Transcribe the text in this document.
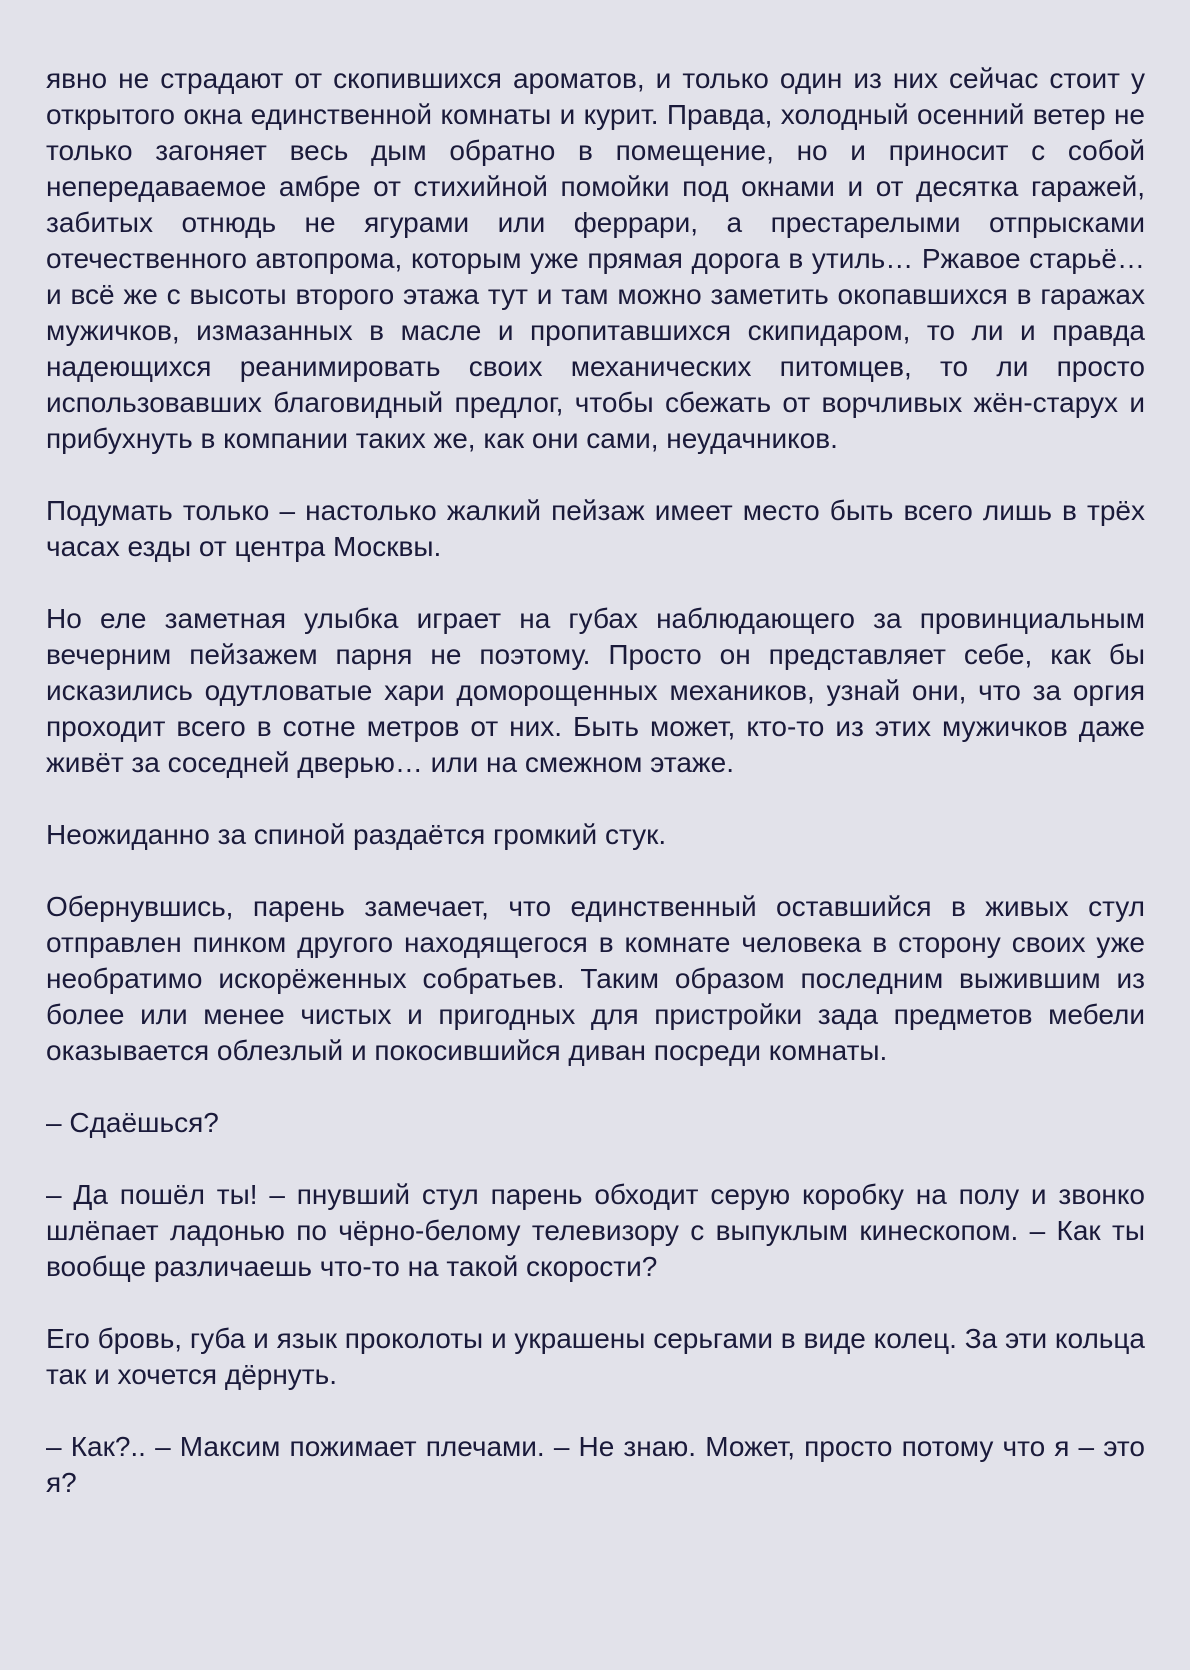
явно не страдают от скопившихся ароматов, и только один из них сейчас стоит у открытого окна единственной комнаты и курит. Правда, холодный осенний ветер не только загоняет весь дым обратно в помещение, но и приносит с собой непередаваемое амбре от стихийной помойки под окнами и от десятка гаражей, забитых отнюдь не ягурами или феррари, а престарелыми отпрысками отечественного автопрома, которым уже прямая дорога в утиль… Ржавое старьё… и всё же с высоты второго этажа тут и там можно заметить окопавшихся в гаражах мужичков, измазанных в масле и пропитавшихся скипидаром, то ли и правда надеющихся реанимировать своих механических питомцев, то ли просто использовавших благовидный предлог, чтобы сбежать от ворчливых жён-старух и прибухнуть в компании таких же, как они сами, неудачников.

Подумать только – настолько жалкий пейзаж имеет место быть всего лишь в трёх часах езды от центра Москвы.

Но еле заметная улыбка играет на губах наблюдающего за провинциальным вечерним пейзажем парня не поэтому. Просто он представляет себе, как бы исказились одутловатые хари доморощенных механиков, узнай они, что за оргия проходит всего в сотне метров от них. Быть может, кто-то из этих мужичков даже живёт за соседней дверью… или на смежном этаже.

Неожиданно за спиной раздаётся громкий стук.

Обернувшись, парень замечает, что единственный оставшийся в живых стул отправлен пинком другого находящегося в комнате человека в сторону своих уже необратимо искорёженных собратьев. Таким образом последним выжившим из более или менее чистых и пригодных для пристройки зада предметов мебели оказывается облезлый и покосившийся диван посреди комнаты.

– Сдаёшься?

– Да пошёл ты! – пнувший стул парень обходит серую коробку на полу и звонко шлёпает ладонью по чёрно-белому телевизору с выпуклым кинескопом. – Как ты вообще различаешь что-то на такой скорости?

Его бровь, губа и язык проколоты и украшены серьгами в виде колец. За эти кольца так и хочется дёрнуть.

– Как?.. – Максим пожимает плечами. – Не знаю. Может, просто потому что я – это я?
